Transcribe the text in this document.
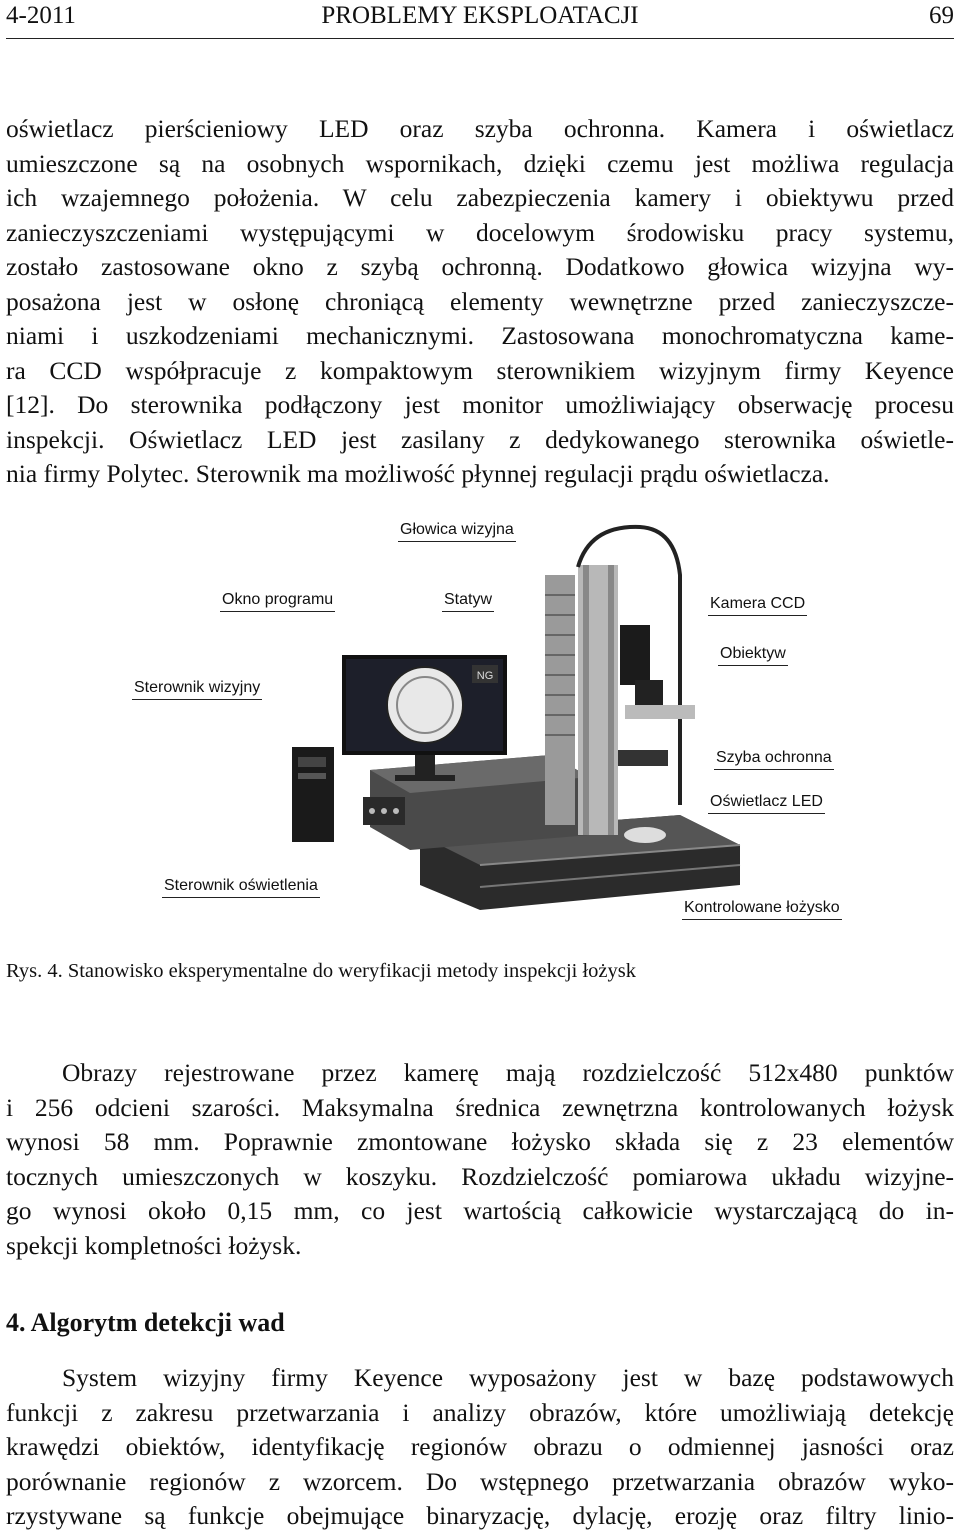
4-2011	PROBLEMY EKSPLOATACJI	69
oświetlacz pierścieniowy LED oraz szyba ochronna. Kamera i oświetlacz
umieszczone są na osobnych wspornikach, dzięki czemu jest możliwa regulacja
ich wzajemnego położenia. W celu zabezpieczenia kamery i obiektywu przed
zanieczyszczeniami występującymi w docelowym środowisku pracy systemu,
zostało zastosowane okno z szybą ochronną. Dodatkowo głowica wizyjna wy-
posażona jest w osłonę chroniącą elementy wewnętrzne przed zanieczyszcze-
niami i uszkodzeniami mechanicznymi. Zastosowana monochromatyczna kame-
ra CCD współpracuje z kompaktowym sterownikiem wizyjnym firmy Keyence
[12]. Do sterownika podłączony jest monitor umożliwiający obserwację procesu
inspekcji. Oświetlacz LED jest zasilany z dedykowanego sterownika oświetle-
nia firmy Polytec. Sterownik ma możliwość płynnej regulacji prądu oświetlacza.
NG
Głowica wizyjna
Okno programu	Statyw	Kamera CCD
Obiektyw
Sterownik wizyjny
Szyba ochronna
Oświetlacz LED
Sterownik oświetlenia
Kontrolowane łożysko
Rys. 4. Stanowisko eksperymentalne do weryfikacji metody inspekcji łożysk
Obrazy rejestrowane przez kamerę mają rozdzielczość 512x480 punktów
i 256 odcieni szarości. Maksymalna średnica zewnętrzna kontrolowanych łożysk
wynosi 58 mm. Poprawnie zmontowane łożysko składa się z 23 elementów
tocznych umieszczonych w koszyku. Rozdzielczość pomiarowa układu wizyjne-
go wynosi około 0,15 mm, co jest wartością całkowicie wystarczającą do in-
spekcji kompletności łożysk.
4. Algorytm detekcji wad
System wizyjny firmy Keyence wyposażony jest w bazę podstawowych
funkcji z zakresu przetwarzania i analizy obrazów, które umożliwiają detekcję
krawędzi obiektów, identyfikację regionów obrazu o odmiennej jasności oraz
porównanie regionów z wzorcem. Do wstępnego przetwarzania obrazów wyko-
rzystywane są funkcje obejmujące binaryzację, dylację, erozję oraz filtry linio-
